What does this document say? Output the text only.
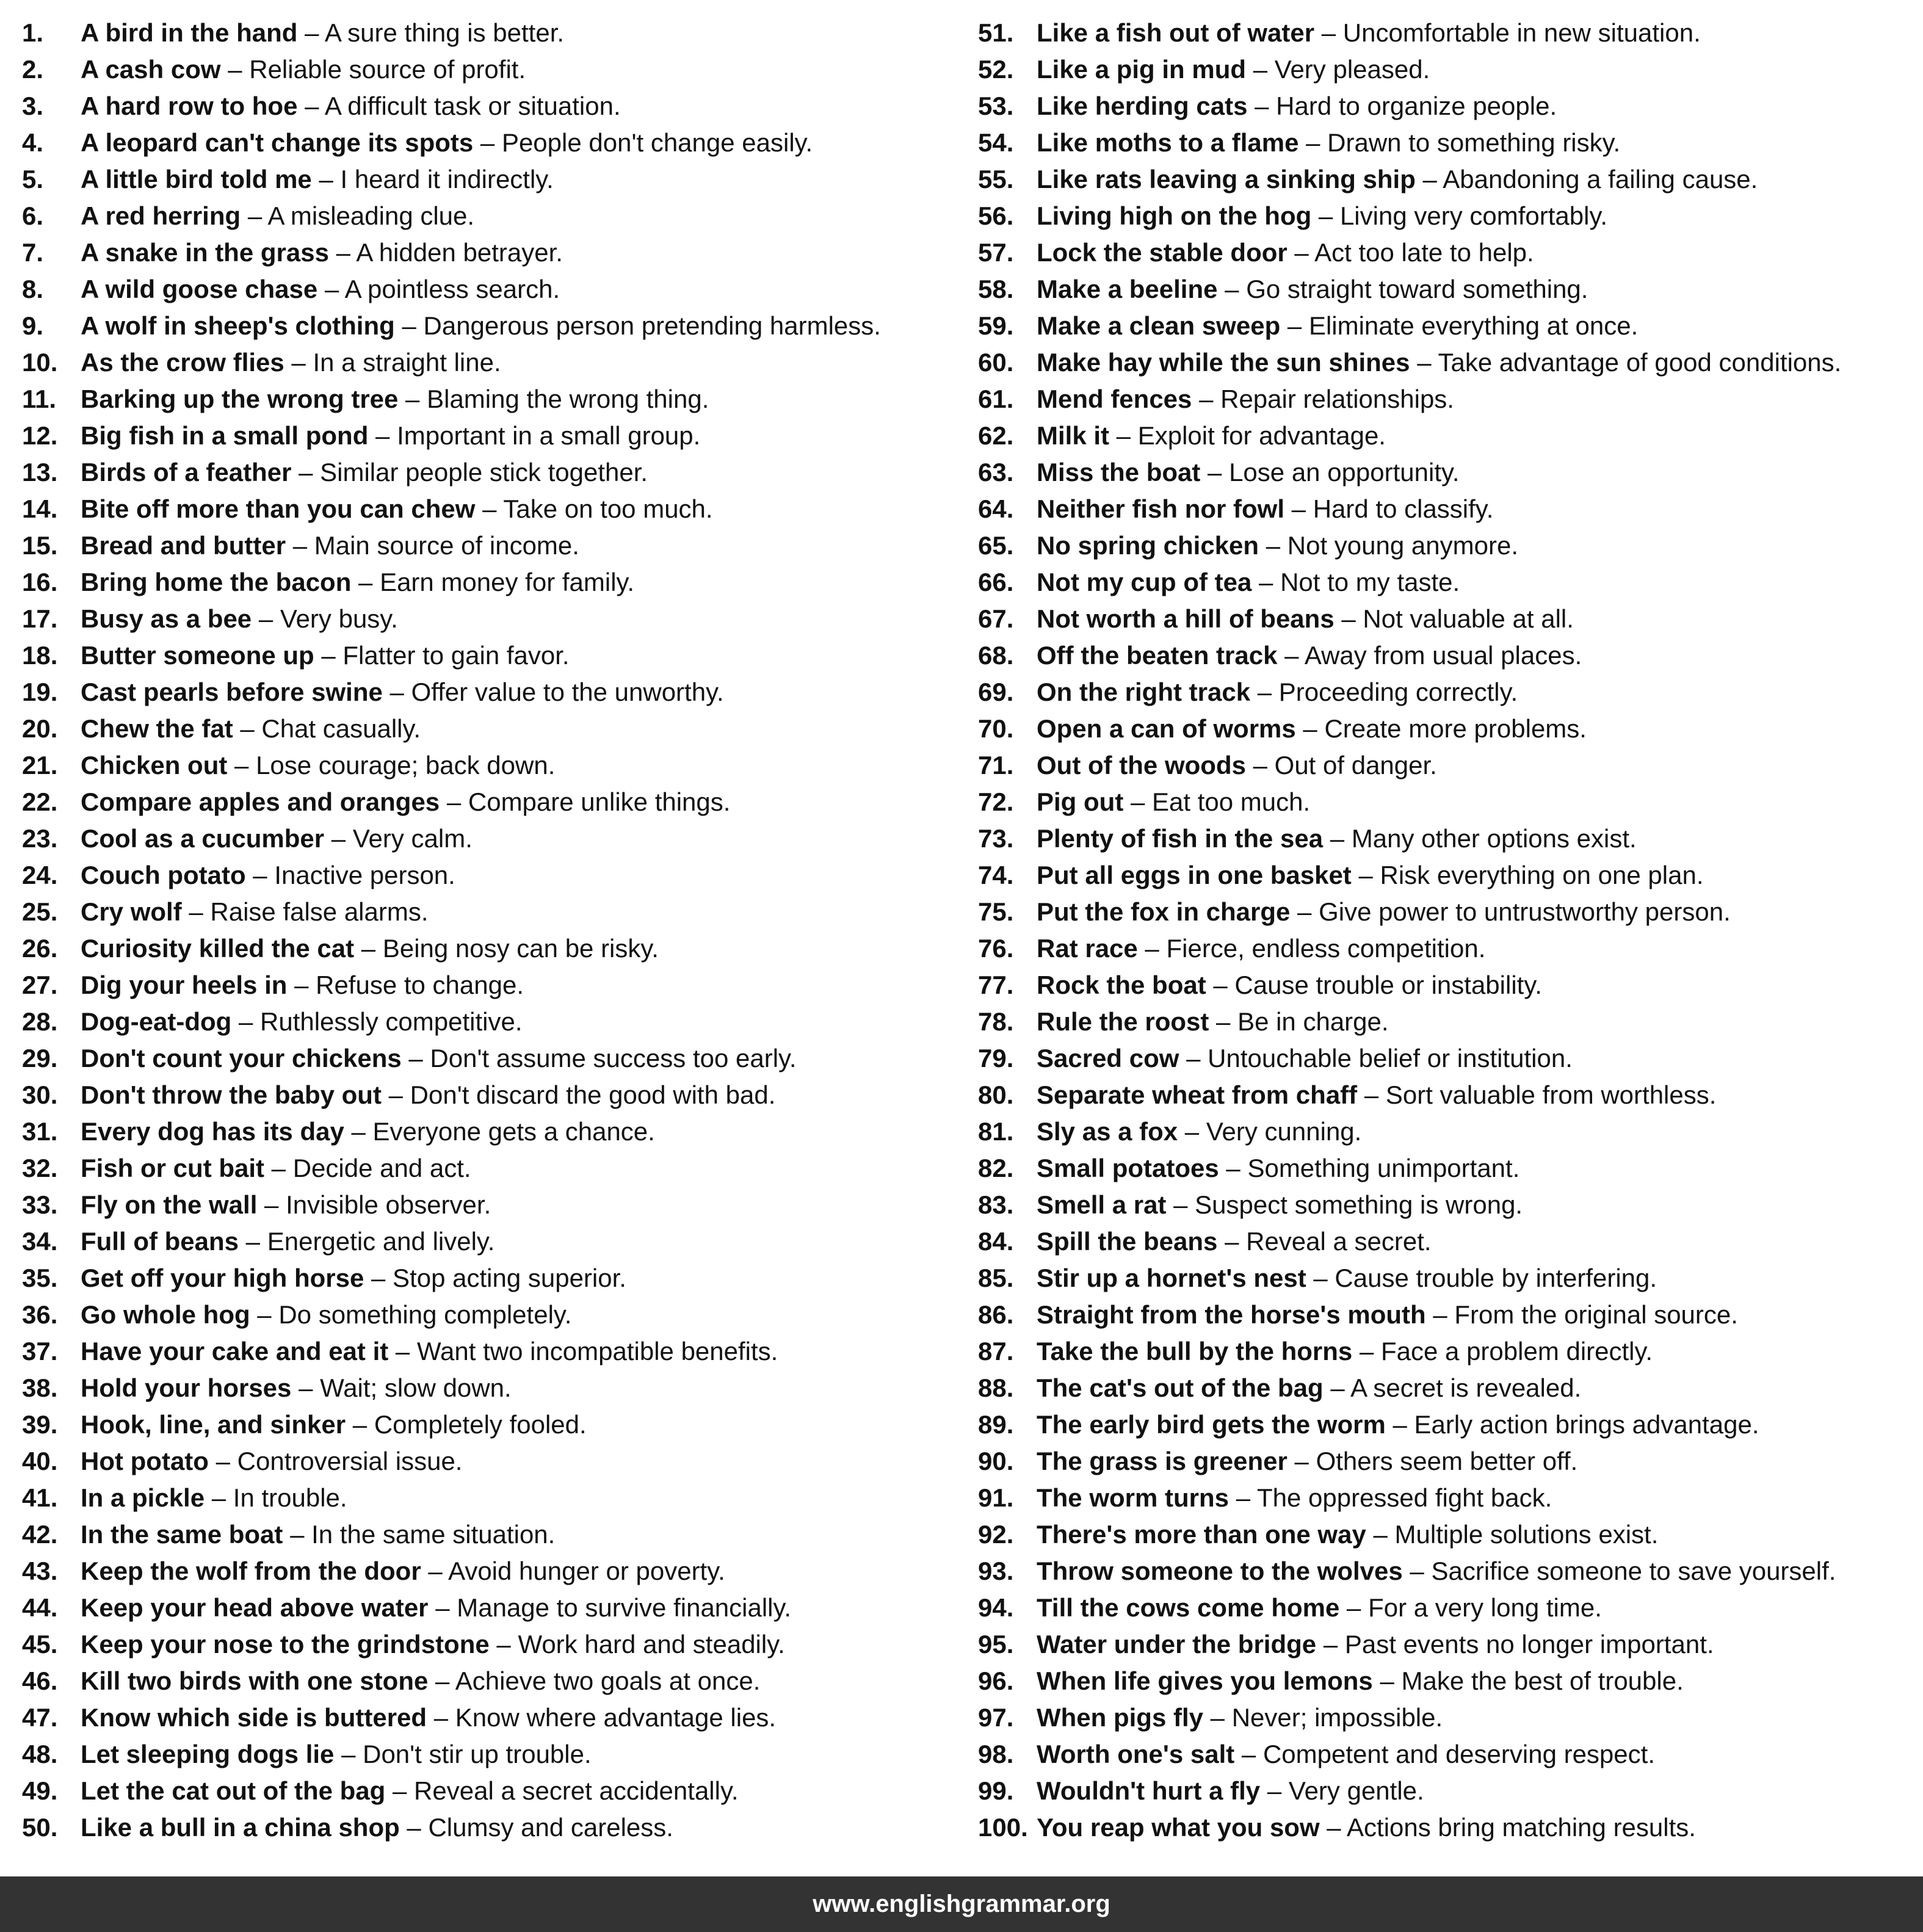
1. A bird in the hand – A sure thing is better.
2. A cash cow – Reliable source of profit.
3. A hard row to hoe – A difficult task or situation.
4. A leopard can't change its spots – People don't change easily.
5. A little bird told me – I heard it indirectly.
6. A red herring – A misleading clue.
7. A snake in the grass – A hidden betrayer.
8. A wild goose chase – A pointless search.
9. A wolf in sheep's clothing – Dangerous person pretending harmless.
10. As the crow flies – In a straight line.
11. Barking up the wrong tree – Blaming the wrong thing.
12. Big fish in a small pond – Important in a small group.
13. Birds of a feather – Similar people stick together.
14. Bite off more than you can chew – Take on too much.
15. Bread and butter – Main source of income.
16. Bring home the bacon – Earn money for family.
17. Busy as a bee – Very busy.
18. Butter someone up – Flatter to gain favor.
19. Cast pearls before swine – Offer value to the unworthy.
20. Chew the fat – Chat casually.
21. Chicken out – Lose courage; back down.
22. Compare apples and oranges – Compare unlike things.
23. Cool as a cucumber – Very calm.
24. Couch potato – Inactive person.
25. Cry wolf – Raise false alarms.
26. Curiosity killed the cat – Being nosy can be risky.
27. Dig your heels in – Refuse to change.
28. Dog-eat-dog – Ruthlessly competitive.
29. Don't count your chickens – Don't assume success too early.
30. Don't throw the baby out – Don't discard the good with bad.
31. Every dog has its day – Everyone gets a chance.
32. Fish or cut bait – Decide and act.
33. Fly on the wall – Invisible observer.
34. Full of beans – Energetic and lively.
35. Get off your high horse – Stop acting superior.
36. Go whole hog – Do something completely.
37. Have your cake and eat it – Want two incompatible benefits.
38. Hold your horses – Wait; slow down.
39. Hook, line, and sinker – Completely fooled.
40. Hot potato – Controversial issue.
41. In a pickle – In trouble.
42. In the same boat – In the same situation.
43. Keep the wolf from the door – Avoid hunger or poverty.
44. Keep your head above water – Manage to survive financially.
45. Keep your nose to the grindstone – Work hard and steadily.
46. Kill two birds with one stone – Achieve two goals at once.
47. Know which side is buttered – Know where advantage lies.
48. Let sleeping dogs lie – Don't stir up trouble.
49. Let the cat out of the bag – Reveal a secret accidentally.
50. Like a bull in a china shop – Clumsy and careless.
51. Like a fish out of water – Uncomfortable in new situation.
52. Like a pig in mud – Very pleased.
53. Like herding cats – Hard to organize people.
54. Like moths to a flame – Drawn to something risky.
55. Like rats leaving a sinking ship – Abandoning a failing cause.
56. Living high on the hog – Living very comfortably.
57. Lock the stable door – Act too late to help.
58. Make a beeline – Go straight toward something.
59. Make a clean sweep – Eliminate everything at once.
60. Make hay while the sun shines – Take advantage of good conditions.
61. Mend fences – Repair relationships.
62. Milk it – Exploit for advantage.
63. Miss the boat – Lose an opportunity.
64. Neither fish nor fowl – Hard to classify.
65. No spring chicken – Not young anymore.
66. Not my cup of tea – Not to my taste.
67. Not worth a hill of beans – Not valuable at all.
68. Off the beaten track – Away from usual places.
69. On the right track – Proceeding correctly.
70. Open a can of worms – Create more problems.
71. Out of the woods – Out of danger.
72. Pig out – Eat too much.
73. Plenty of fish in the sea – Many other options exist.
74. Put all eggs in one basket – Risk everything on one plan.
75. Put the fox in charge – Give power to untrustworthy person.
76. Rat race – Fierce, endless competition.
77. Rock the boat – Cause trouble or instability.
78. Rule the roost – Be in charge.
79. Sacred cow – Untouchable belief or institution.
80. Separate wheat from chaff – Sort valuable from worthless.
81. Sly as a fox – Very cunning.
82. Small potatoes – Something unimportant.
83. Smell a rat – Suspect something is wrong.
84. Spill the beans – Reveal a secret.
85. Stir up a hornet's nest – Cause trouble by interfering.
86. Straight from the horse's mouth – From the original source.
87. Take the bull by the horns – Face a problem directly.
88. The cat's out of the bag – A secret is revealed.
89. The early bird gets the worm – Early action brings advantage.
90. The grass is greener – Others seem better off.
91. The worm turns – The oppressed fight back.
92. There's more than one way – Multiple solutions exist.
93. Throw someone to the wolves – Sacrifice someone to save yourself.
94. Till the cows come home – For a very long time.
95. Water under the bridge – Past events no longer important.
96. When life gives you lemons – Make the best of trouble.
97. When pigs fly – Never; impossible.
98. Worth one's salt – Competent and deserving respect.
99. Wouldn't hurt a fly – Very gentle.
100. You reap what you sow – Actions bring matching results.
www.englishgrammar.org
